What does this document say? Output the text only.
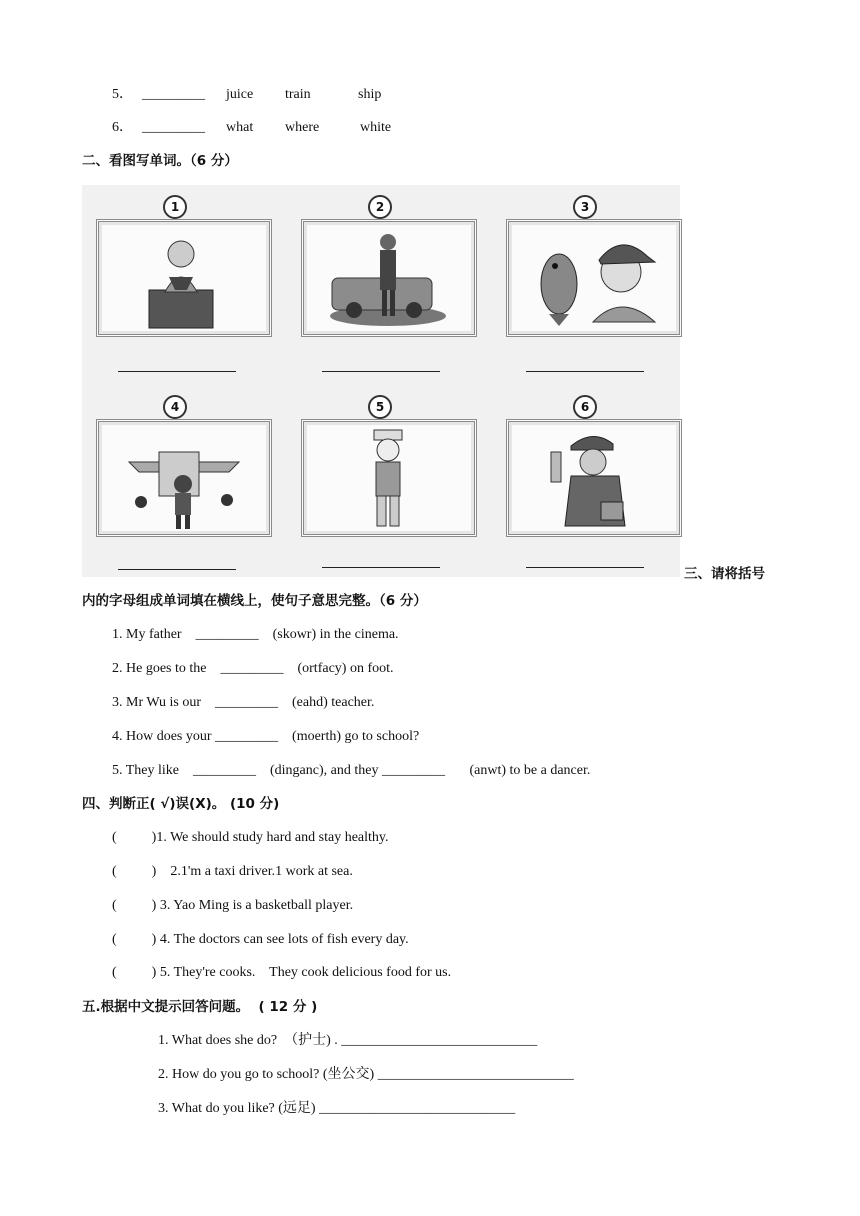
5． _________ juice train	ship
6． _________ what where	white
二、看图写单词。（6 分）
1	2	3
4	5	6
三、请将括号
内的字母组成单词填在横线上，使句子意思完整。（6 分）
1. My father    _________    (skowr) in the cinema.
2. He goes to the    _________    (ortfacy) on foot.
3. Mr Wu is our    _________    (eahd) teacher.
4. How does your _________    (moerth) go to school?
5. They like    _________    (dinganc), and they _________       (anwt) to be a dancer.
四、判断正( √)误(X)。 (10 分)
(          )1. We should study hard and stay healthy.
(          )    2.1'm a taxi driver.1 work at sea.
(          ) 3. Yao Ming is a basketball player.
(          ) 4. The doctors can see lots of fish every day.
(          ) 5. They're cooks.    They cook delicious food for us.
五.根据中文提示回答问题。  ( 12 分 )
1. What does she do?  （护士) . ____________________________
2. How do you go to school? (坐公交) ____________________________
3. What do you like? (远足) ____________________________
